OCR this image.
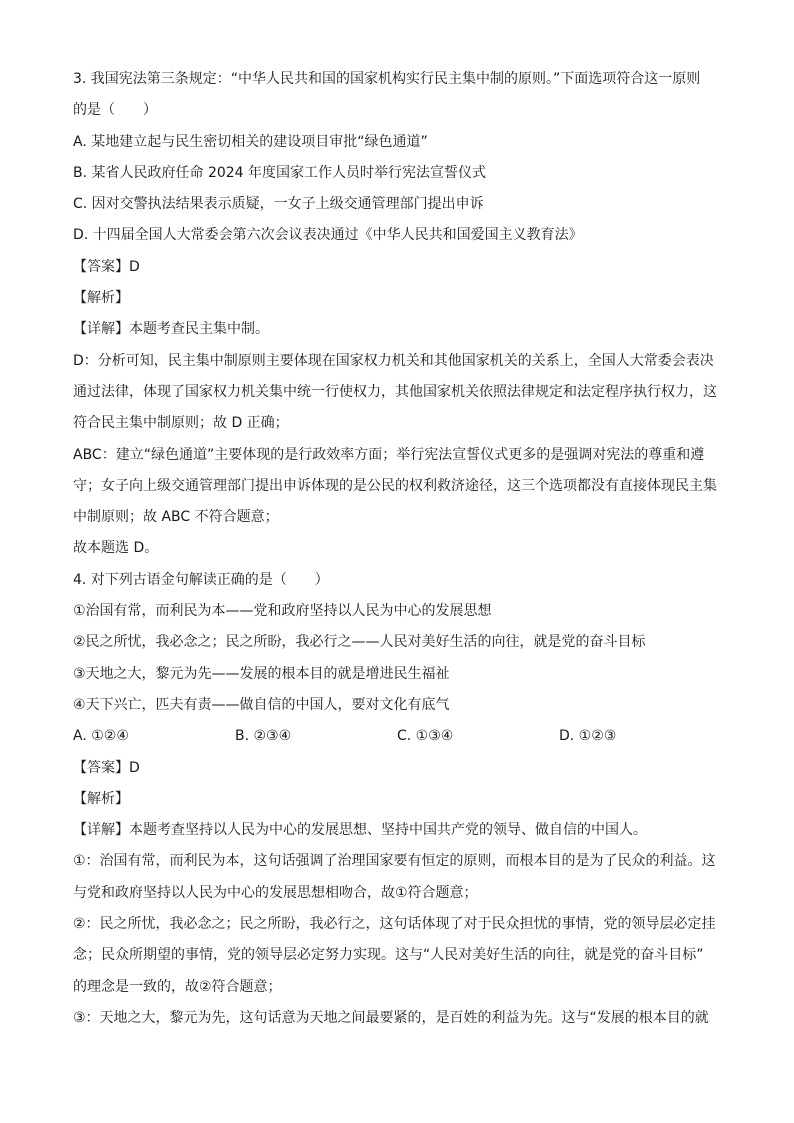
3. 我国宪法第三条规定：“中华人民共和国的国家机构实行民主集中制的原则。”下面选项符合这一原则
的是（　　）
A. 某地建立起与民生密切相关的建设项目审批“绿色通道”
B. 某省人民政府任命 2024 年度国家工作人员时举行宪法宣誓仪式
C. 因对交警执法结果表示质疑，一女子上级交通管理部门提出申诉
D. 十四届全国人大常委会第六次会议表决通过《中华人民共和国爱国主义教育法》
【答案】D
【解析】
【详解】本题考查民主集中制。
D：分析可知，民主集中制原则主要体现在国家权力机关和其他国家机关的关系上，全国人大常委会表决
通过法律，体现了国家权力机关集中统一行使权力，其他国家机关依照法律规定和法定程序执行权力，这
符合民主集中制原则；故 D 正确；
ABC：建立“绿色通道”主要体现的是行政效率方面；举行宪法宣誓仪式更多的是强调对宪法的尊重和遵
守；女子向上级交通管理部门提出申诉体现的是公民的权利救济途径，这三个选项都没有直接体现民主集
中制原则；故 ABC 不符合题意；
故本题选 D。
4. 对下列古语金句解读正确的是（　　）
①治国有常，而利民为本——党和政府坚持以人民为中心的发展思想
②民之所忧，我必念之；民之所盼，我必行之——人民对美好生活的向往，就是党的奋斗目标
③天地之大，黎元为先——发展的根本目的就是增进民生福祉
④天下兴亡，匹夫有责——做自信的中国人，要对文化有底气
A. ①②④	B. ②③④	C. ①③④	D. ①②③
【答案】D
【解析】
【详解】本题考查坚持以人民为中心的发展思想、坚持中国共产党的领导、做自信的中国人。
①：治国有常，而利民为本，这句话强调了治理国家要有恒定的原则，而根本目的是为了民众的利益。这
与党和政府坚持以人民为中心的发展思想相吻合，故①符合题意；
②：民之所忧，我必念之；民之所盼，我必行之，这句话体现了对于民众担忧的事情，党的领导层必定挂
念；民众所期望的事情，党的领导层必定努力实现。这与“人民对美好生活的向往，就是党的奋斗目标”
的理念是一致的，故②符合题意；
③：天地之大，黎元为先，这句话意为天地之间最要紧的，是百姓的利益为先。这与“发展的根本目的就
